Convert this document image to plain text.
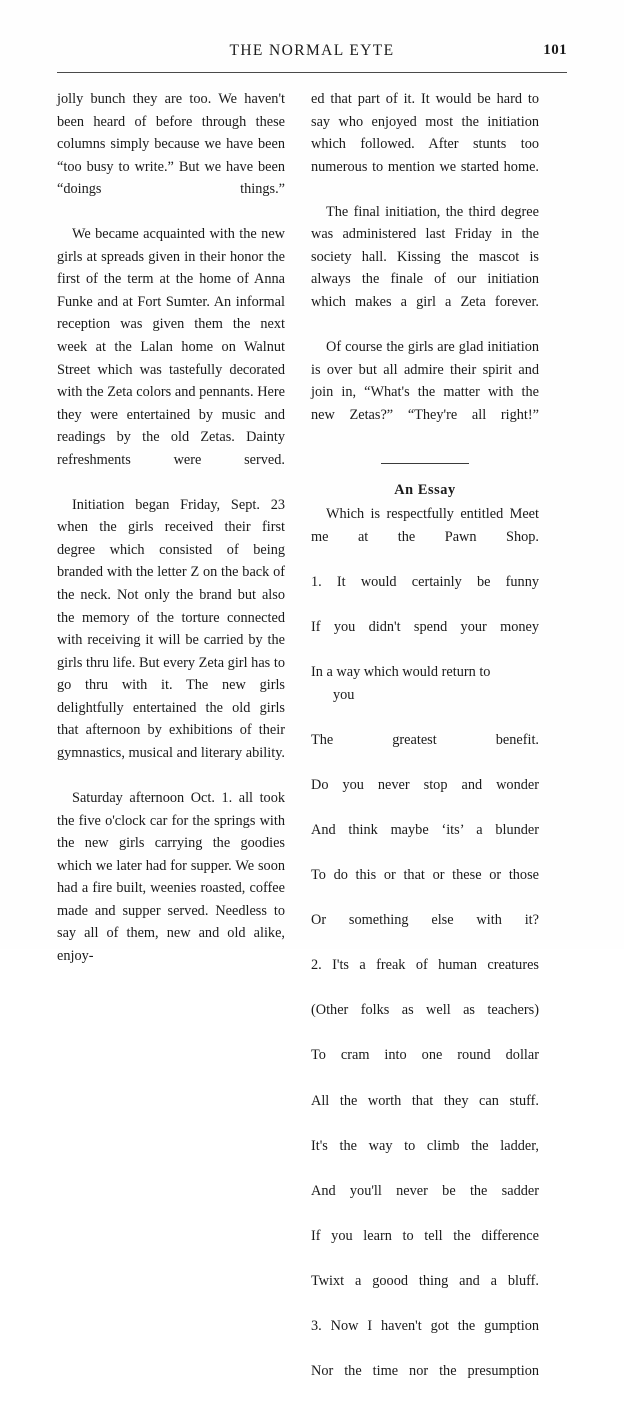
THE NORMAL EYTE	101

jolly bunch they are too. We haven't been heard of before through these columns simply because we have been “too busy to write.” But we have been “doings things.”

We became acquainted with the new girls at spreads given in their honor the first of the term at the home of Anna Funke and at Fort Sumter. An informal reception was given them the next week at the Lalan home on Walnut Street which was tastefully decorated with the Zeta colors and pennants. Here they were entertained by music and readings by the old Zetas. Dainty refreshments were served.

Initiation began Friday, Sept. 23 when the girls received their first degree which consisted of being branded with the letter Z on the back of the neck. Not only the brand but also the memory of the torture connected with receiving it will be carried by the girls thru life. But every Zeta girl has to go thru with it. The new girls delightfully entertained the old girls that afternoon by exhibitions of their gymnastics, musical and literary ability.

Saturday afternoon Oct. 1. all took the five o'clock car for the springs with the new girls carrying the goodies which we later had for supper. We soon had a fire built, weenies roasted, coffee made and supper served. Needless to say all of them, new and old alike, enjoy-

ed that part of it. It would be hard to say who enjoyed most the initiation which followed. After stunts too numerous to mention we started home.

The final initiation, the third degree was administered last Friday in the society hall. Kissing the mascot is always the finale of our initiation which makes a girl a Zeta forever.

Of course the girls are glad initiation is over but all admire their spirit and join in, “What's the matter with the new Zetas?” “They're all right!”

An Essay

Which is respectfully entitled Meet me at the Pawn Shop.

1. It would certainly be funny
If you didn't spend your money
In a way which would return to
you
The greatest benefit.
Do you never stop and wonder
And think maybe ‘its’ a blunder
To do this or that or these or those
Or something else with it?
2. I'ts a freak of human creatures
(Other folks as well as teachers)
To cram into one round dollar
All the worth that they can stuff.
It's the way to climb the ladder,
And you'll never be the sadder
If you learn to tell the difference
Twixt a goood thing and a bluff.
3. Now I haven't got the gumption
Nor the time nor the presumption
